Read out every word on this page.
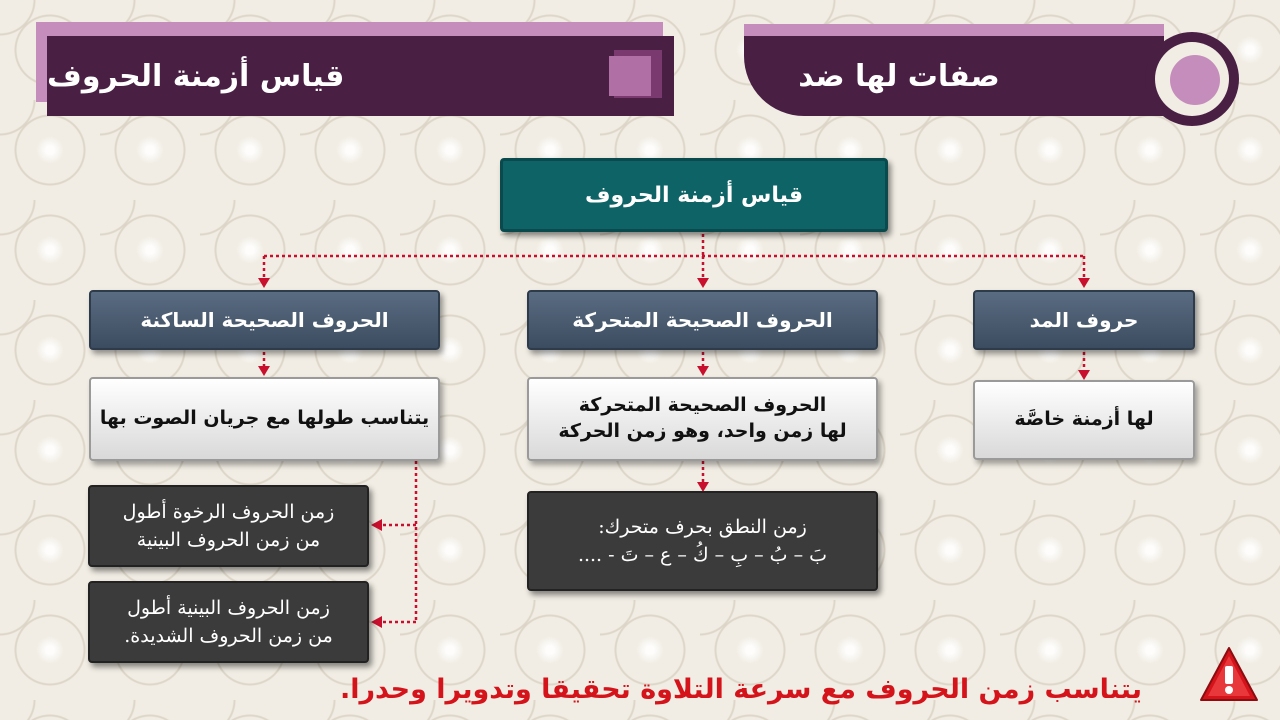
قياس أزمنة الحروف	صفات لها ضد
قياس أزمنة الحروف
حروف المد
الحروف الصحيحة المتحركة
الحروف الصحيحة الساكنة
لها أزمنة خاصَّة
الحروف الصحيحة المتحركة
لها زمن واحد، وهو زمن الحركة
يتناسب طولها مع جريان الصوت بها
زمن النطق بحرف متحرك:
بَ – بُ – بِ – كُ – ع – تَ - ....
زمن الحروف الرخوة أطول
من زمن الحروف البينية
زمن الحروف البينية أطول
من زمن الحروف الشديدة.
يتناسب زمن الحروف مع سرعة التلاوة تحقيقا وتدويرا وحدرا.
